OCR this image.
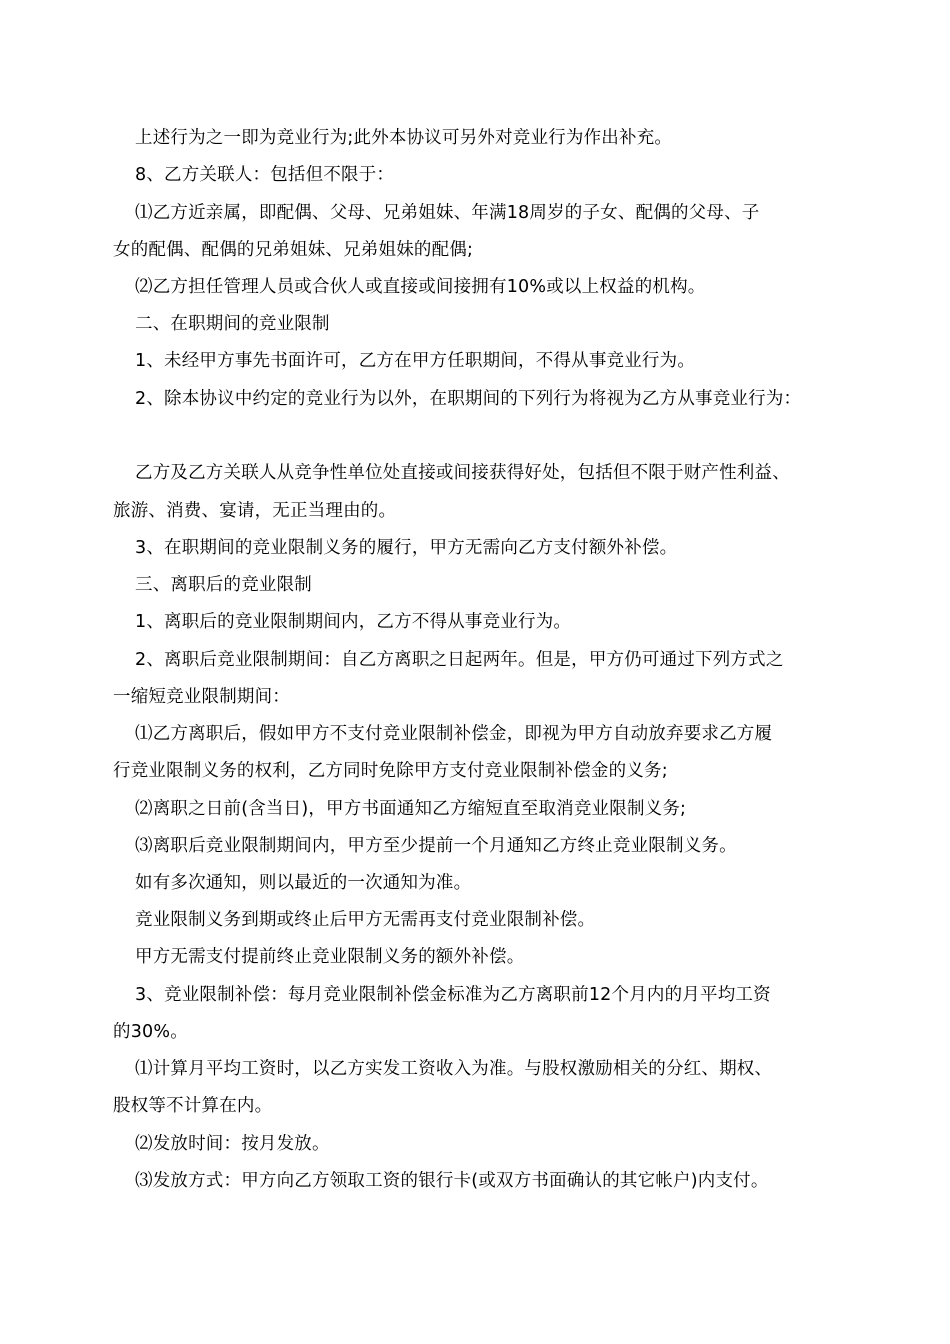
上述行为之一即为竞业行为;此外本协议可另外对竞业行为作出补充。
8、乙方关联人：包括但不限于：
⑴乙方近亲属，即配偶、父母、兄弟姐妹、年满18周岁的子女、配偶的父母、子
女的配偶、配偶的兄弟姐妹、兄弟姐妹的配偶;
⑵乙方担任管理人员或合伙人或直接或间接拥有10%或以上权益的机构。
二、在职期间的竞业限制
1、未经甲方事先书面许可，乙方在甲方任职期间，不得从事竞业行为。
2、除本协议中约定的竞业行为以外，在职期间的下列行为将视为乙方从事竞业行为：
乙方及乙方关联人从竞争性单位处直接或间接获得好处，包括但不限于财产性利益、
旅游、消费、宴请，无正当理由的。
3、在职期间的竞业限制义务的履行，甲方无需向乙方支付额外补偿。
三、离职后的竞业限制
1、离职后的竞业限制期间内，乙方不得从事竞业行为。
2、离职后竞业限制期间：自乙方离职之日起两年。但是，甲方仍可通过下列方式之
一缩短竞业限制期间：
⑴乙方离职后，假如甲方不支付竞业限制补偿金，即视为甲方自动放弃要求乙方履
行竞业限制义务的权利，乙方同时免除甲方支付竞业限制补偿金的义务;
⑵离职之日前(含当日)，甲方书面通知乙方缩短直至取消竞业限制义务;
⑶离职后竞业限制期间内，甲方至少提前一个月通知乙方终止竞业限制义务。
如有多次通知，则以最近的一次通知为准。
竞业限制义务到期或终止后甲方无需再支付竞业限制补偿。
甲方无需支付提前终止竞业限制义务的额外补偿。
3、竞业限制补偿：每月竞业限制补偿金标准为乙方离职前12个月内的月平均工资
的30%。
⑴计算月平均工资时，以乙方实发工资收入为准。与股权激励相关的分红、期权、
股权等不计算在内。
⑵发放时间：按月发放。
⑶发放方式：甲方向乙方领取工资的银行卡(或双方书面确认的其它帐户)内支付。
